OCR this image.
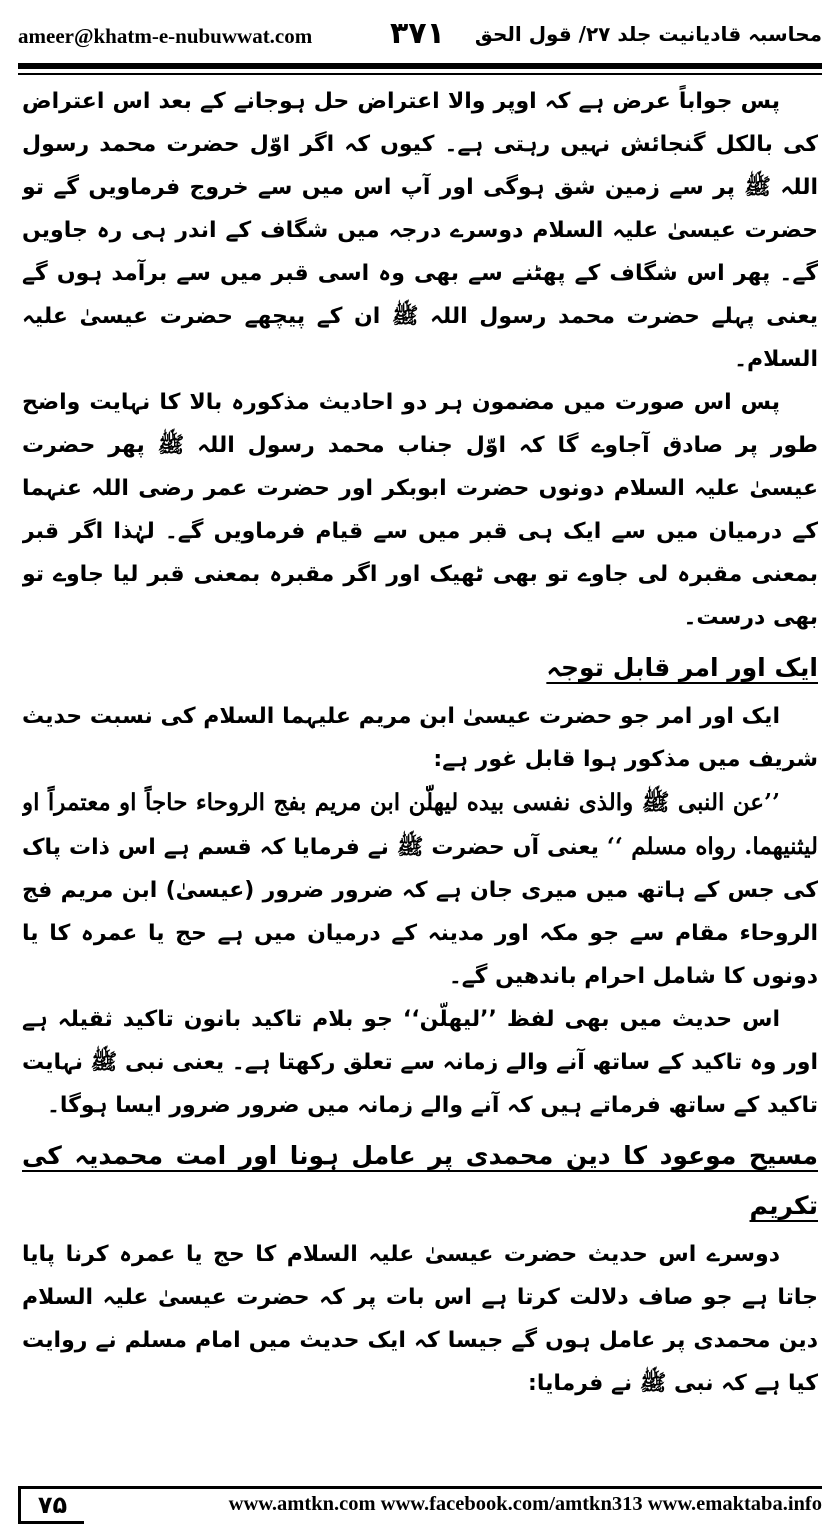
ameer@khatm-e-nubuwwat.com	۳۷۱ محاسبہ قادیانیت جلد ۲۷/ قول الحق

پس جواباً عرض ہے کہ اوپر والا اعتراض حل ہوجانے کے بعد اس اعتراض کی بالکل گنجائش نہیں رہتی ہے۔ کیوں کہ اگر اوّل حضرت محمد رسول اللہ ﷺ پر سے زمین شق ہوگی اور آپ اس میں سے خروج فرماویں گے تو حضرت عیسیٰ علیہ السلام دوسرے درجہ میں شگاف کے اندر ہی رہ جاویں گے۔ پھر اس شگاف کے پھٹنے سے بھی وہ اسی قبر میں سے برآمد ہوں گے یعنی پہلے حضرت محمد رسول اللہ ﷺ ان کے پیچھے حضرت عیسیٰ علیہ السلام۔

پس اس صورت میں مضمون ہر دو احادیث مذکورہ بالا کا نہایت واضح طور پر صادق آجاوے گا کہ اوّل جناب محمد رسول اللہ ﷺ پھر حضرت عیسیٰ علیہ السلام دونوں حضرت ابوبکر اور حضرت عمر رضی اللہ عنہما کے درمیان میں سے ایک ہی قبر میں سے قیام فرماویں گے۔ لہٰذا اگر قبر بمعنی مقبرہ لی جاوے تو بھی ٹھیک اور اگر مقبرہ بمعنی قبر لیا جاوے تو بھی درست۔

ایک اور امر قابل توجہ

ایک اور امر جو حضرت عیسیٰ ابن مریم علیہما السلام کی نسبت حدیث شریف میں مذکور ہوا قابل غور ہے:

’’عن النبی ﷺ والذی نفسی بیده لیهلّن ابن مریم بفج الروحاء حاجاً او معتمراً او لیثنیهما. رواه مسلم ‘‘ یعنی آں حضرت ﷺ نے فرمایا کہ قسم ہے اس ذات پاک کی جس کے ہاتھ میں میری جان ہے کہ ضرور ضرور (عیسیٰ) ابن مریم فج الروحاء مقام سے جو مکہ اور مدینہ کے درمیان میں ہے حج یا عمرہ کا یا دونوں کا شامل احرام باندھیں گے۔

اس حدیث میں بھی لفظ ’’لیهلّن‘‘ جو بلام تاکید بانون تاکید ثقیلہ ہے اور وہ تاکید کے ساتھ آنے والے زمانہ سے تعلق رکھتا ہے۔ یعنی نبی ﷺ نہایت تاکید کے ساتھ فرماتے ہیں کہ آنے والے زمانہ میں ضرور ضرور ایسا ہوگا۔

مسیح موعود کا دین محمدی پر عامل ہونا اور امت محمدیہ کی تکریم

دوسرے اس حدیث حضرت عیسیٰ علیہ السلام کا حج یا عمرہ کرنا پایا جاتا ہے جو صاف دلالت کرتا ہے اس بات پر کہ حضرت عیسیٰ علیہ السلام دین محمدی پر عامل ہوں گے جیسا کہ ایک حدیث میں امام مسلم نے روایت کیا ہے کہ نبی ﷺ نے فرمایا:

۷۵	www.amtkn.com www.facebook.com/amtkn313 www.emaktaba.info
